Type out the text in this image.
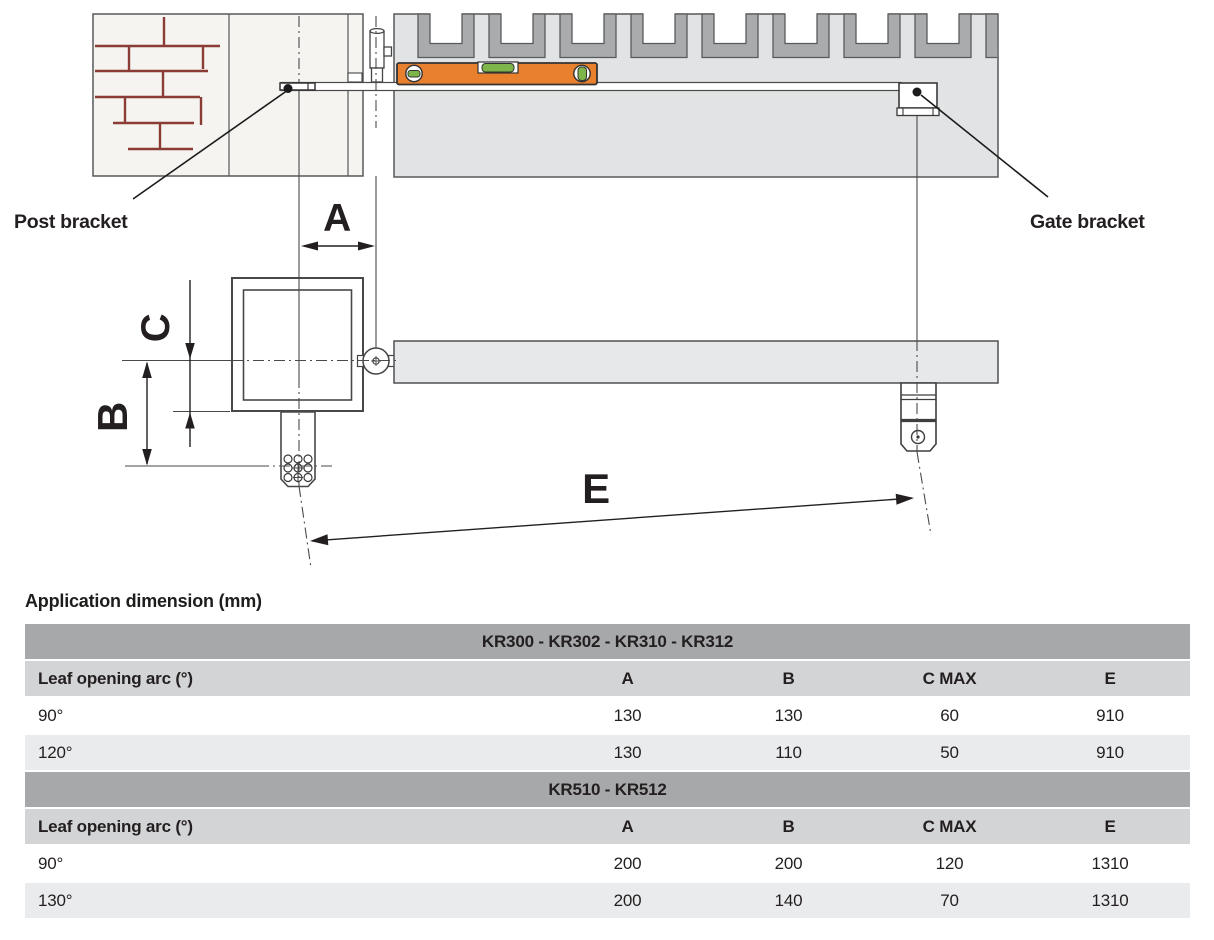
A
C
B
E
Post bracket	Gate bracket
Application dimension (mm)
KR300 - KR302 - KR310 - KR312				
Leaf opening arc (°)	A	B	C MAX	E
90°	130	130	60	910
120°	130	110	50	910
KR510 - KR512				
Leaf opening arc (°)	A	B	C MAX	E
90°	200	200	120	1310
130°	200	140	70	1310
